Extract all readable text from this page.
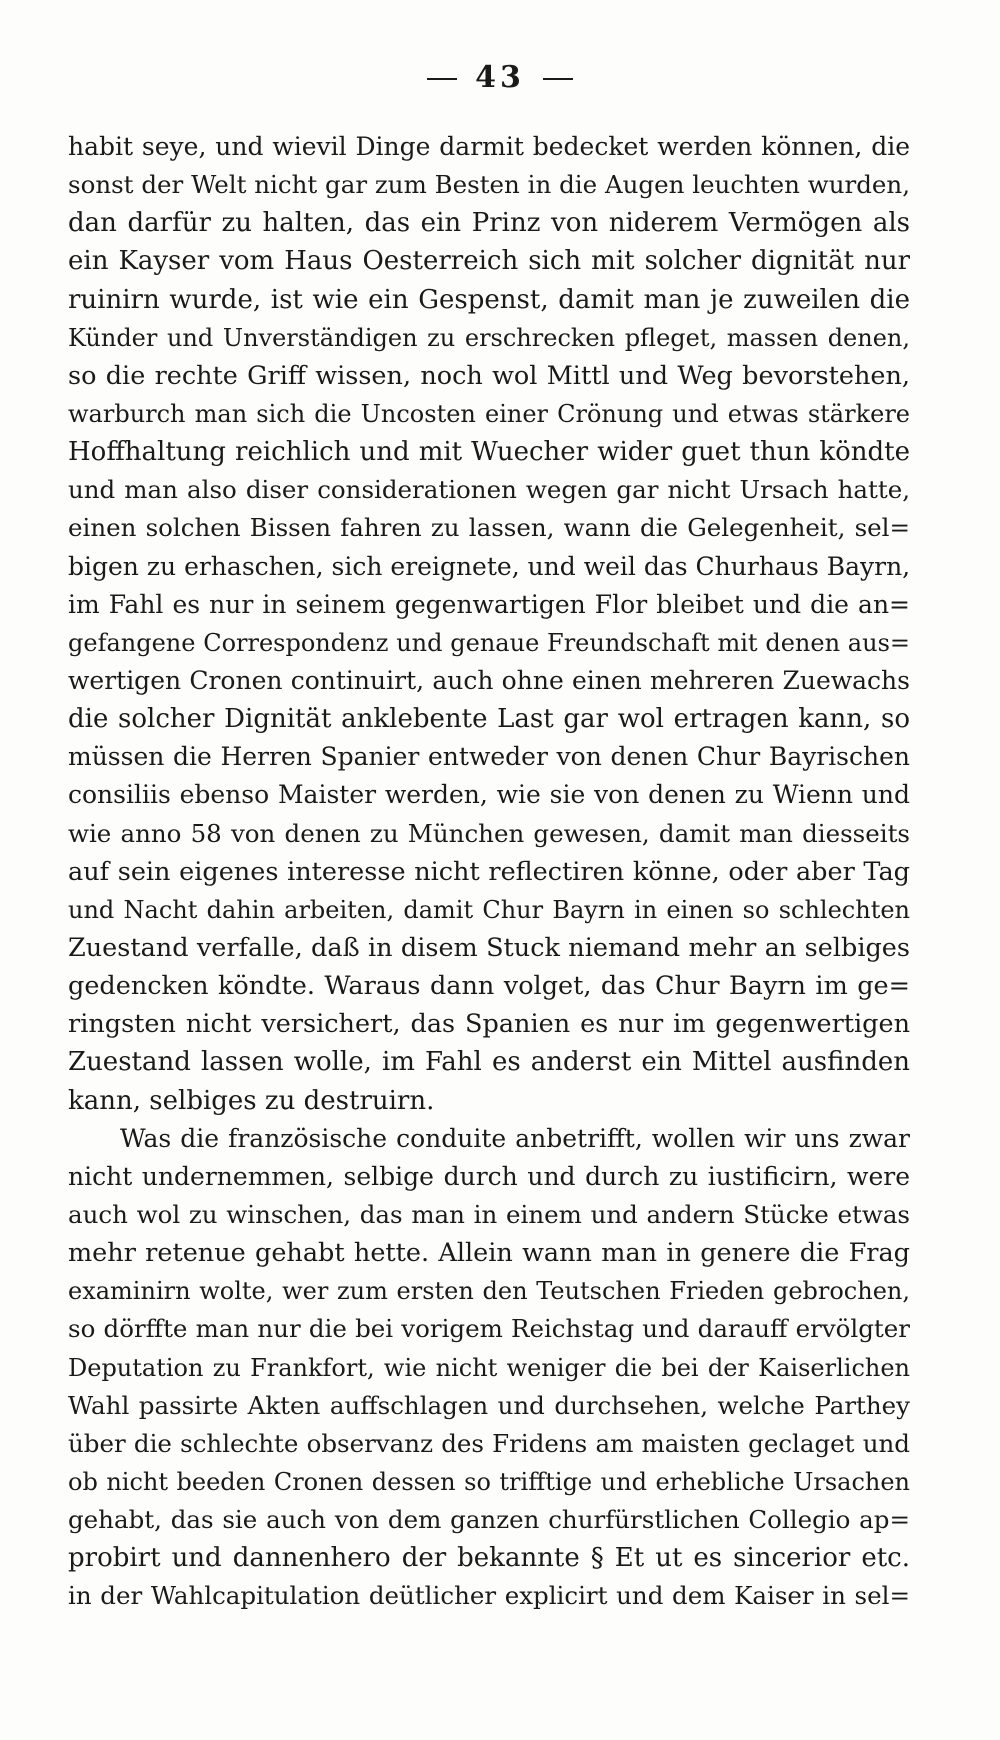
43
habit seye, und wievil Dinge darmit bedecket werden können, die
sonst der Welt nicht gar zum Besten in die Augen leuchten wurden,
dan darfür zu halten, das ein Prinz von niderem Vermögen als
ein Kayser vom Haus Oesterreich sich mit solcher dignität nur
ruinirn wurde, ist wie ein Gespenst, damit man je zuweilen die
Künder und Unverständigen zu erschrecken pfleget, massen denen,
so die rechte Griff wissen, noch wol Mittl und Weg bevorstehen,
warburch man sich die Uncosten einer Crönung und etwas stärkere
Hoffhaltung reichlich und mit Wuecher wider guet thun köndte
und man also diser considerationen wegen gar nicht Ursach hatte,
einen solchen Bissen fahren zu lassen, wann die Gelegenheit, sel=
bigen zu erhaschen, sich ereignete, und weil das Churhaus Bayrn,
im Fahl es nur in seinem gegenwartigen Flor bleibet und die an=
gefangene Correspondenz und genaue Freundschaft mit denen aus=
wertigen Cronen continuirt, auch ohne einen mehreren Zuewachs
die solcher Dignität anklebente Last gar wol ertragen kann, so
müssen die Herren Spanier entweder von denen Chur Bayrischen
consiliis ebenso Maister werden, wie sie von denen zu Wienn und
wie anno 58 von denen zu München gewesen, damit man diesseits
auf sein eigenes interesse nicht reflectiren könne, oder aber Tag
und Nacht dahin arbeiten, damit Chur Bayrn in einen so schlechten
Zuestand verfalle, daß in disem Stuck niemand mehr an selbiges
gedencken köndte. Waraus dann volget, das Chur Bayrn im ge=
ringsten nicht versichert, das Spanien es nur im gegenwertigen
Zuestand lassen wolle, im Fahl es anderst ein Mittel ausfinden
kann, selbiges zu destruirn.
Was die französische conduite anbetrifft, wollen wir uns zwar
nicht undernemmen, selbige durch und durch zu iustificirn, were
auch wol zu winschen, das man in einem und andern Stücke etwas
mehr retenue gehabt hette. Allein wann man in genere die Frag
examinirn wolte, wer zum ersten den Teutschen Frieden gebrochen,
so dörffte man nur die bei vorigem Reichstag und darauff ervölgter
Deputation zu Frankfort, wie nicht weniger die bei der Kaiserlichen
Wahl passirte Akten auffschlagen und durchsehen, welche Parthey
über die schlechte observanz des Fridens am maisten geclaget und
ob nicht beeden Cronen dessen so trifftige und erhebliche Ursachen
gehabt, das sie auch von dem ganzen churfürstlichen Collegio ap=
probirt und dannenhero der bekannte § Et ut es sincerior etc.
in der Wahlcapitulation deütlicher explicirt und dem Kaiser in sel=
